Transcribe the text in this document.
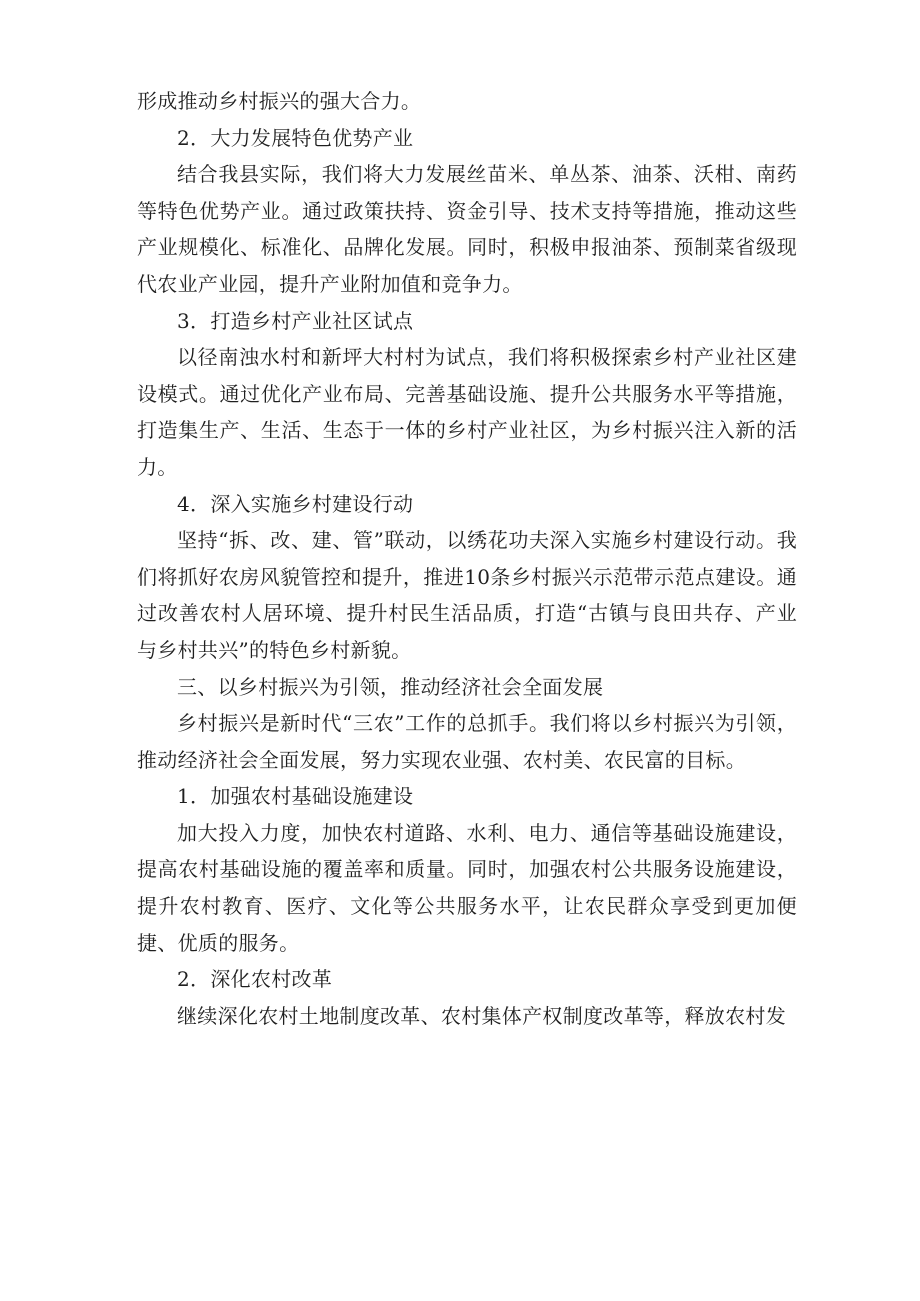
形成推动乡村振兴的强大合力。

2．大力发展特色优势产业

结合我县实际，我们将大力发展丝苗米、单丛茶、油茶、沃柑、南药等特色优势产业。通过政策扶持、资金引导、技术支持等措施，推动这些产业规模化、标准化、品牌化发展。同时，积极申报油茶、预制菜省级现代农业产业园，提升产业附加值和竞争力。

3．打造乡村产业社区试点

以径南浊水村和新坪大村村为试点，我们将积极探索乡村产业社区建设模式。通过优化产业布局、完善基础设施、提升公共服务水平等措施，打造集生产、生活、生态于一体的乡村产业社区，为乡村振兴注入新的活力。

4．深入实施乡村建设行动

坚持“拆、改、建、管”联动，以绣花功夫深入实施乡村建设行动。我们将抓好农房风貌管控和提升，推进10条乡村振兴示范带示范点建设。通过改善农村人居环境、提升村民生活品质，打造“古镇与良田共存、产业与乡村共兴”的特色乡村新貌。

三、以乡村振兴为引领，推动经济社会全面发展

乡村振兴是新时代“三农”工作的总抓手。我们将以乡村振兴为引领，推动经济社会全面发展，努力实现农业强、农村美、农民富的目标。

1．加强农村基础设施建设

加大投入力度，加快农村道路、水利、电力、通信等基础设施建设，提高农村基础设施的覆盖率和质量。同时，加强农村公共服务设施建设，提升农村教育、医疗、文化等公共服务水平，让农民群众享受到更加便捷、优质的服务。

2．深化农村改革

继续深化农村土地制度改革、农村集体产权制度改革等，释放农村发
